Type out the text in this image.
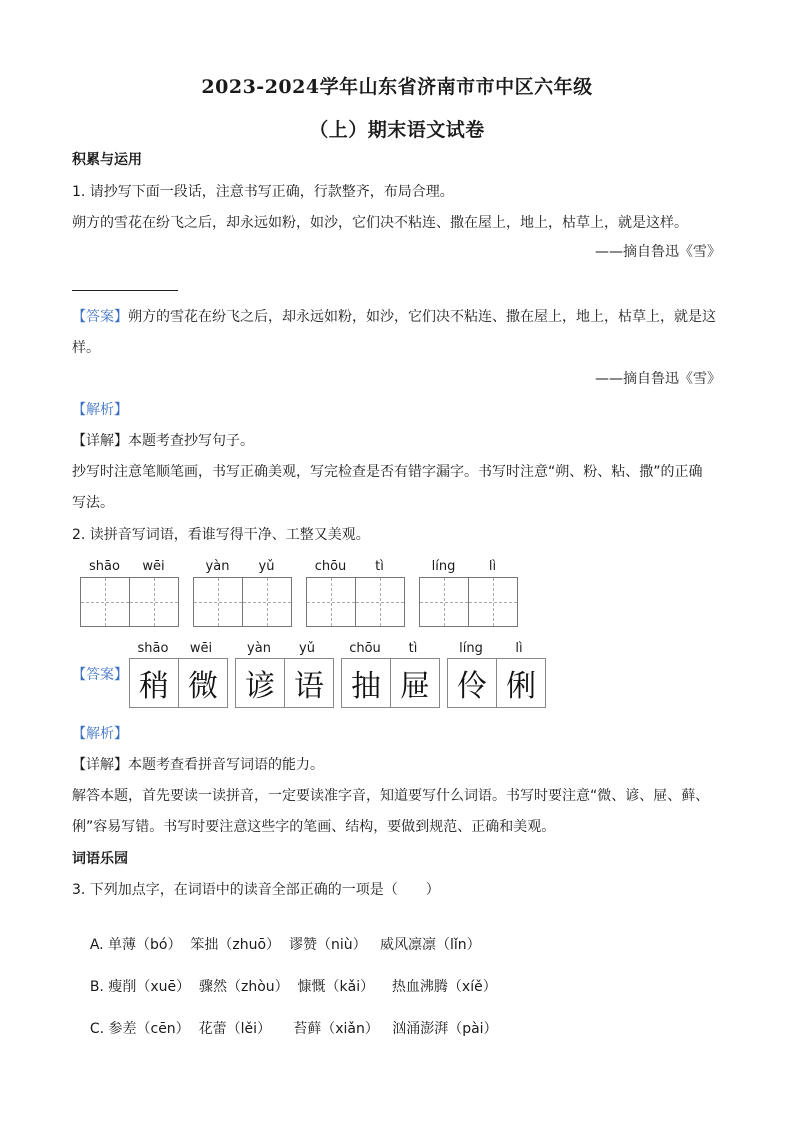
2023-2024学年山东省济南市市中区六年级
（上）期末语文试卷
积累与运用
1. 请抄写下面一段话，注意书写正确，行款整齐，布局合理。
朔方的雪花在纷飞之后，却永远如粉，如沙，它们决不粘连、撒在屋上，地上，枯草上，就是这样。
——摘自鲁迅《雪》
【答案】朔方的雪花在纷飞之后，却永远如粉，如沙，它们决不粘连、撒在屋上，地上，枯草上，就是这
样。
——摘自鲁迅《雪》
【解析】
【详解】本题考查抄写句子。
抄写时注意笔顺笔画，书写正确美观，写完检查是否有错字漏字。书写时注意“朔、粉、粘、撒”的正确
写法。
2. 读拼音写词语，看谁写得干净、工整又美观。
shāo	wēi	yàn	yǔ	chōu	tì	líng	lì
【答案】
shāo	wēi
稍 微
yàn	yǔ
谚 语
chōu	tì
抽 屉
líng	lì
伶 俐
【解析】
【详解】本题考查看拼音写词语的能力。
解答本题，首先要读一读拼音，一定要读准字音，知道要写什么词语。书写时要注意“微、谚、屉、藓、
俐”容易写错。书写时要注意这些字的笔画、结构，要做到规范、正确和美观。
词语乐园
3. 下列加点字，在词语中的读音全部正确的一项是（　　）

A. 单薄（bó）  笨拙（zhuō）  谬赞（niù）   威风凛凛（lǐn）

B. 瘦削（xuē）  骤然（zhòu）  慷慨（kǎi）    热血沸腾（xíě）

C. 参差（cēn）  花蕾（lěi）     苔藓（xiǎn）   汹涌澎湃（pài）
